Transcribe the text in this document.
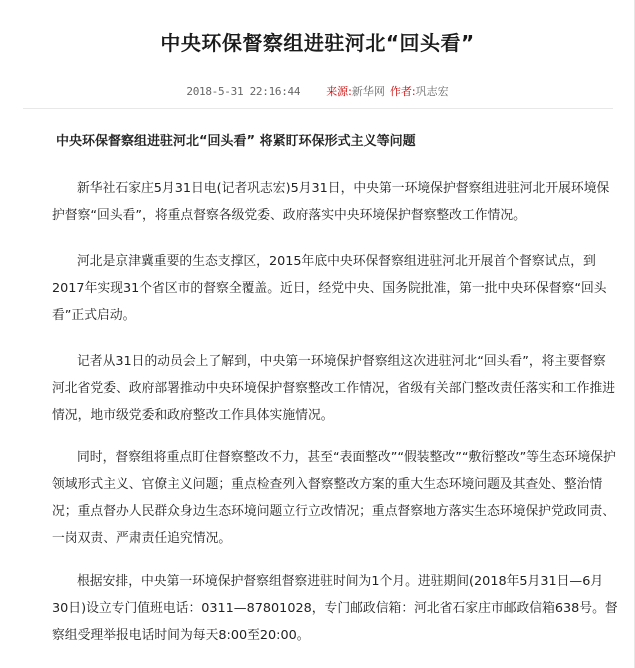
中央环保督察组进驻河北“回头看”
2018-5-31 22:16:44 来源:新华网 作者:巩志宏
中央环保督察组进驻河北“回头看” 将紧盯环保形式主义等问题

新华社石家庄5月31日电(记者巩志宏)5月31日，中央第一环境保护督察组进驻河北开展环境保护督察“回头看”，将重点督察各级党委、政府落实中央环境保护督察整改工作情况。

河北是京津冀重要的生态支撑区，2015年底中央环保督察组进驻河北开展首个督察试点，到2017年实现31个省区市的督察全覆盖。近日，经党中央、国务院批准，第一批中央环保督察“回头看”正式启动。

记者从31日的动员会上了解到，中央第一环境保护督察组这次进驻河北“回头看”，将主要督察河北省党委、政府部署推动中央环境保护督察整改工作情况，省级有关部门整改责任落实和工作推进情况，地市级党委和政府整改工作具体实施情况。

同时，督察组将重点盯住督察整改不力，甚至“表面整改”“假装整改”“敷衍整改”等生态环境保护领域形式主义、官僚主义问题；重点检查列入督察整改方案的重大生态环境问题及其查处、整治情况；重点督办人民群众身边生态环境问题立行立改情况；重点督察地方落实生态环境保护党政同责、一岗双责、严肃责任追究情况。

根据安排，中央第一环境保护督察组督察进驻时间为1个月。进驻期间(2018年5月31日—6月30日)设立专门值班电话：0311—87801028，专门邮政信箱：河北省石家庄市邮政信箱638号。督察组受理举报电话时间为每天8:00至20:00。
